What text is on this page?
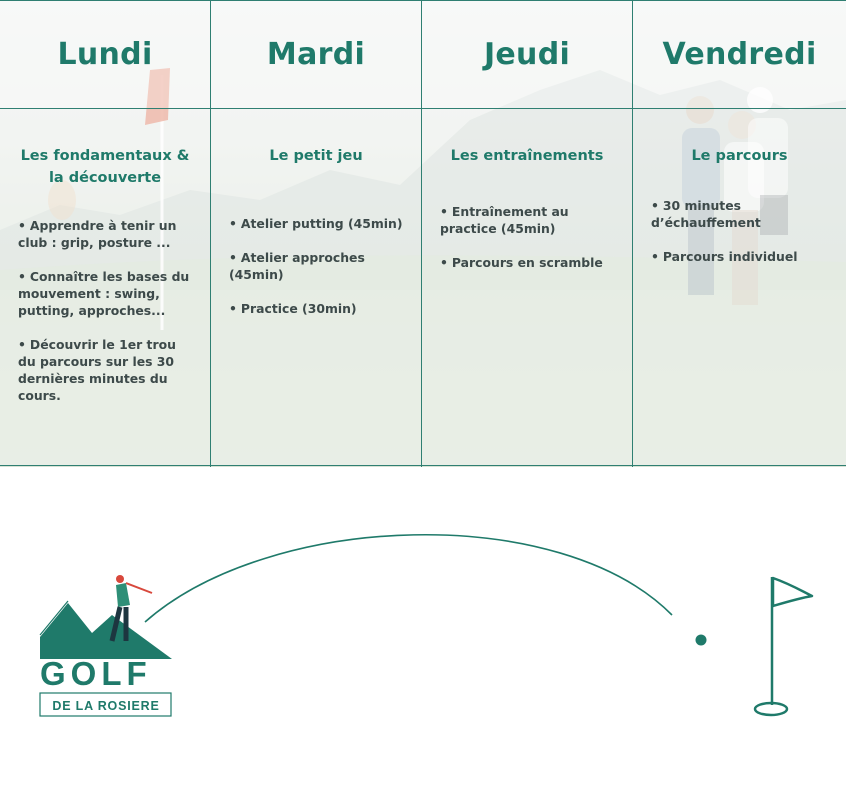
Lundi
Les fondamentaux & la découverte
• Apprendre à tenir un club : grip, posture ...
• Connaître les bases du mouvement : swing, putting, approches...
• Découvrir le 1er trou du parcours sur les 30 dernières minutes du cours.
Mardi
Le petit jeu
• Atelier putting (45min)
• Atelier approches (45min)
• Practice (30min)
Jeudi
Les entraînements
• Entraînement au practice (45min)
• Parcours en scramble
Vendredi
Le parcours
• 30 minutes d’échauffement
• Parcours individuel
GOLF
DE LA ROSIERE
